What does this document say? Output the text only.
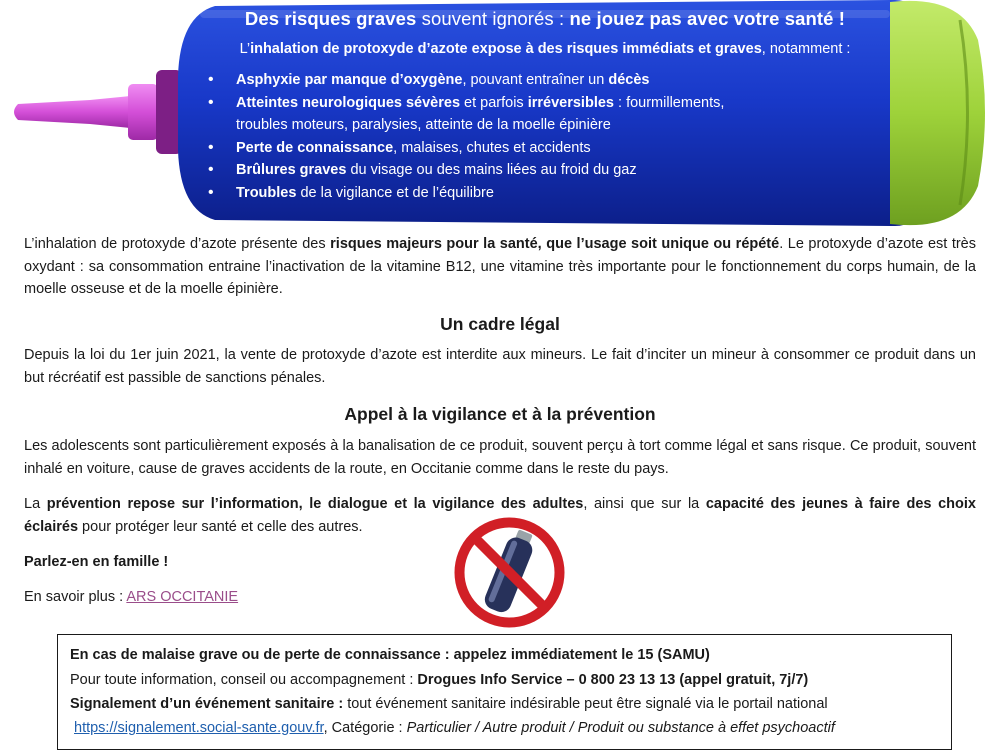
Des risques graves souvent ignorés : ne jouez pas avec votre santé !
L’inhalation de protoxyde d’azote expose à des risques immédiats et graves, notamment :
• Asphyxie par manque d’oxygène, pouvant entraîner un décès
• Atteintes neurologiques sévères et parfois irréversibles : fourmillements,
troubles moteurs, paralysies, atteinte de la moelle épinière
• Perte de connaissance, malaises, chutes et accidents
• Brûlures graves du visage ou des mains liées au froid du gaz
• Troubles de la vigilance et de l’équilibre
L’inhalation de protoxyde d’azote présente des risques majeurs pour la santé, que l’usage soit unique ou répété. Le protoxyde d’azote est très oxydant : sa consommation entraine l’inactivation de la vitamine B12, une vitamine très importante pour le fonctionnement du corps humain, de la moelle osseuse et de la moelle épinière.
Un cadre légal
Depuis la loi du 1er juin 2021, la vente de protoxyde d’azote est interdite aux mineurs. Le fait d’inciter un mineur à consommer ce produit dans un but récréatif est passible de sanctions pénales.
Appel à la vigilance et à la prévention
Les adolescents sont particulièrement exposés à la banalisation de ce produit, souvent perçu à tort comme légal et sans risque. Ce produit, souvent inhalé en voiture, cause de graves accidents de la route, en Occitanie comme dans le reste du pays.
La prévention repose sur l’information, le dialogue et la vigilance des adultes, ainsi que sur la capacité des jeunes à faire des choix éclairés pour protéger leur santé et celle des autres.
Parlez-en en famille !
En savoir plus : ARS OCCITANIE
En cas de malaise grave ou de perte de connaissance : appelez immédiatement le 15 (SAMU)
Pour toute information, conseil ou accompagnement : Drogues Info Service – 0 800 23 13 13 (appel gratuit, 7j/7)
Signalement d’un événement sanitaire : tout événement sanitaire indésirable peut être signalé via le portail national
https://signalement.social-sante.gouv.fr, Catégorie : Particulier / Autre produit / Produit ou substance à effet psychoactif
